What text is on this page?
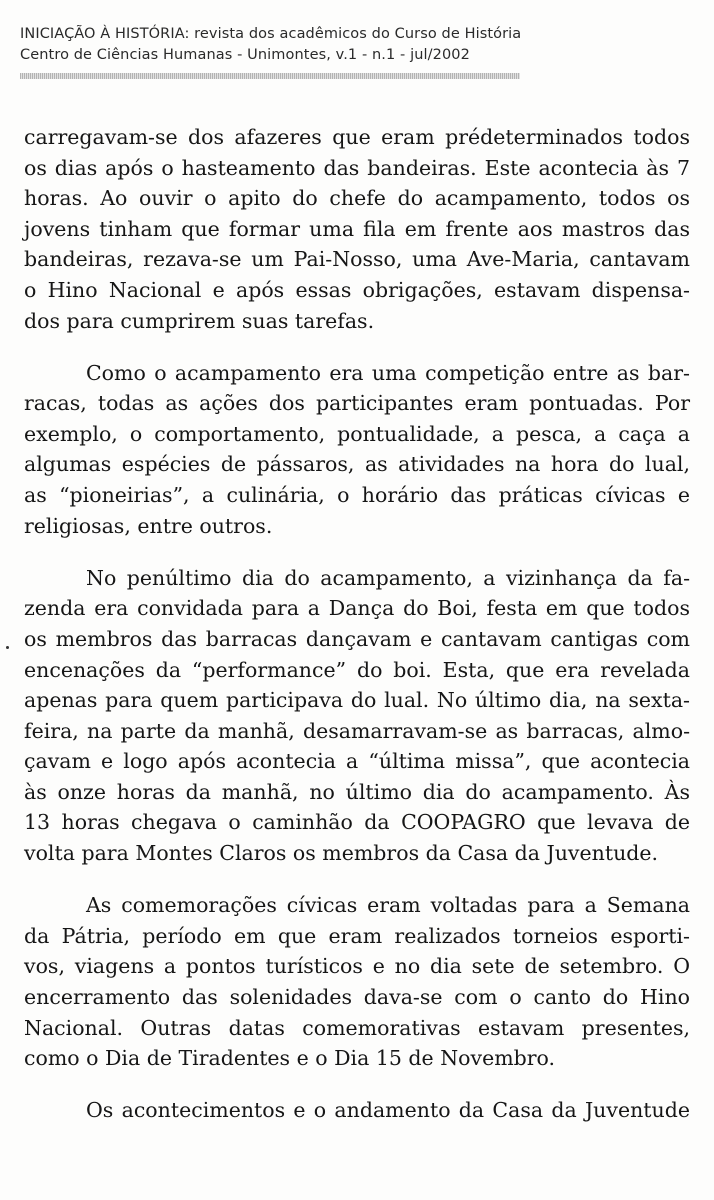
INICIAÇÃO À HISTÓRIA: revista dos acadêmicos do Curso de História
Centro de Ciências Humanas - Unimontes, v.1 - n.1 - jul/2002

carregavam-se dos afazeres que eram prédeterminados todos
os dias após o hasteamento das bandeiras. Este acontecia às 7
horas. Ao ouvir o apito do chefe do acampamento, todos os
jovens tinham que formar uma fila em frente aos mastros das
bandeiras, rezava-se um Pai-Nosso, uma Ave-Maria, cantavam
o Hino Nacional e após essas obrigações, estavam dispensa-
dos para cumprirem suas tarefas.

Como o acampamento era uma competição entre as bar-
racas, todas as ações dos participantes eram pontuadas. Por
exemplo, o comportamento, pontualidade, a pesca, a caça a
algumas espécies de pássaros, as atividades na hora do lual,
as “pioneirias”, a culinária, o horário das práticas cívicas e
religiosas, entre outros.

No penúltimo dia do acampamento, a vizinhança da fa-
zenda era convidada para a Dança do Boi, festa em que todos
os membros das barracas dançavam e cantavam cantigas com
encenações da “performance” do boi. Esta, que era revelada
apenas para quem participava do lual. No último dia, na sexta-
feira, na parte da manhã, desamarravam-se as barracas, almo-
çavam e logo após acontecia a “última missa”, que acontecia
às onze horas da manhã, no último dia do acampamento. Às
13 horas chegava o caminhão da COOPAGRO que levava de
volta para Montes Claros os membros da Casa da Juventude.

As comemorações cívicas eram voltadas para a Semana
da Pátria, período em que eram realizados torneios esporti-
vos, viagens a pontos turísticos e no dia sete de setembro. O
encerramento das solenidades dava-se com o canto do Hino
Nacional. Outras datas comemorativas estavam presentes,
como o Dia de Tiradentes e o Dia 15 de Novembro.

Os acontecimentos e o andamento da Casa da Juventude
